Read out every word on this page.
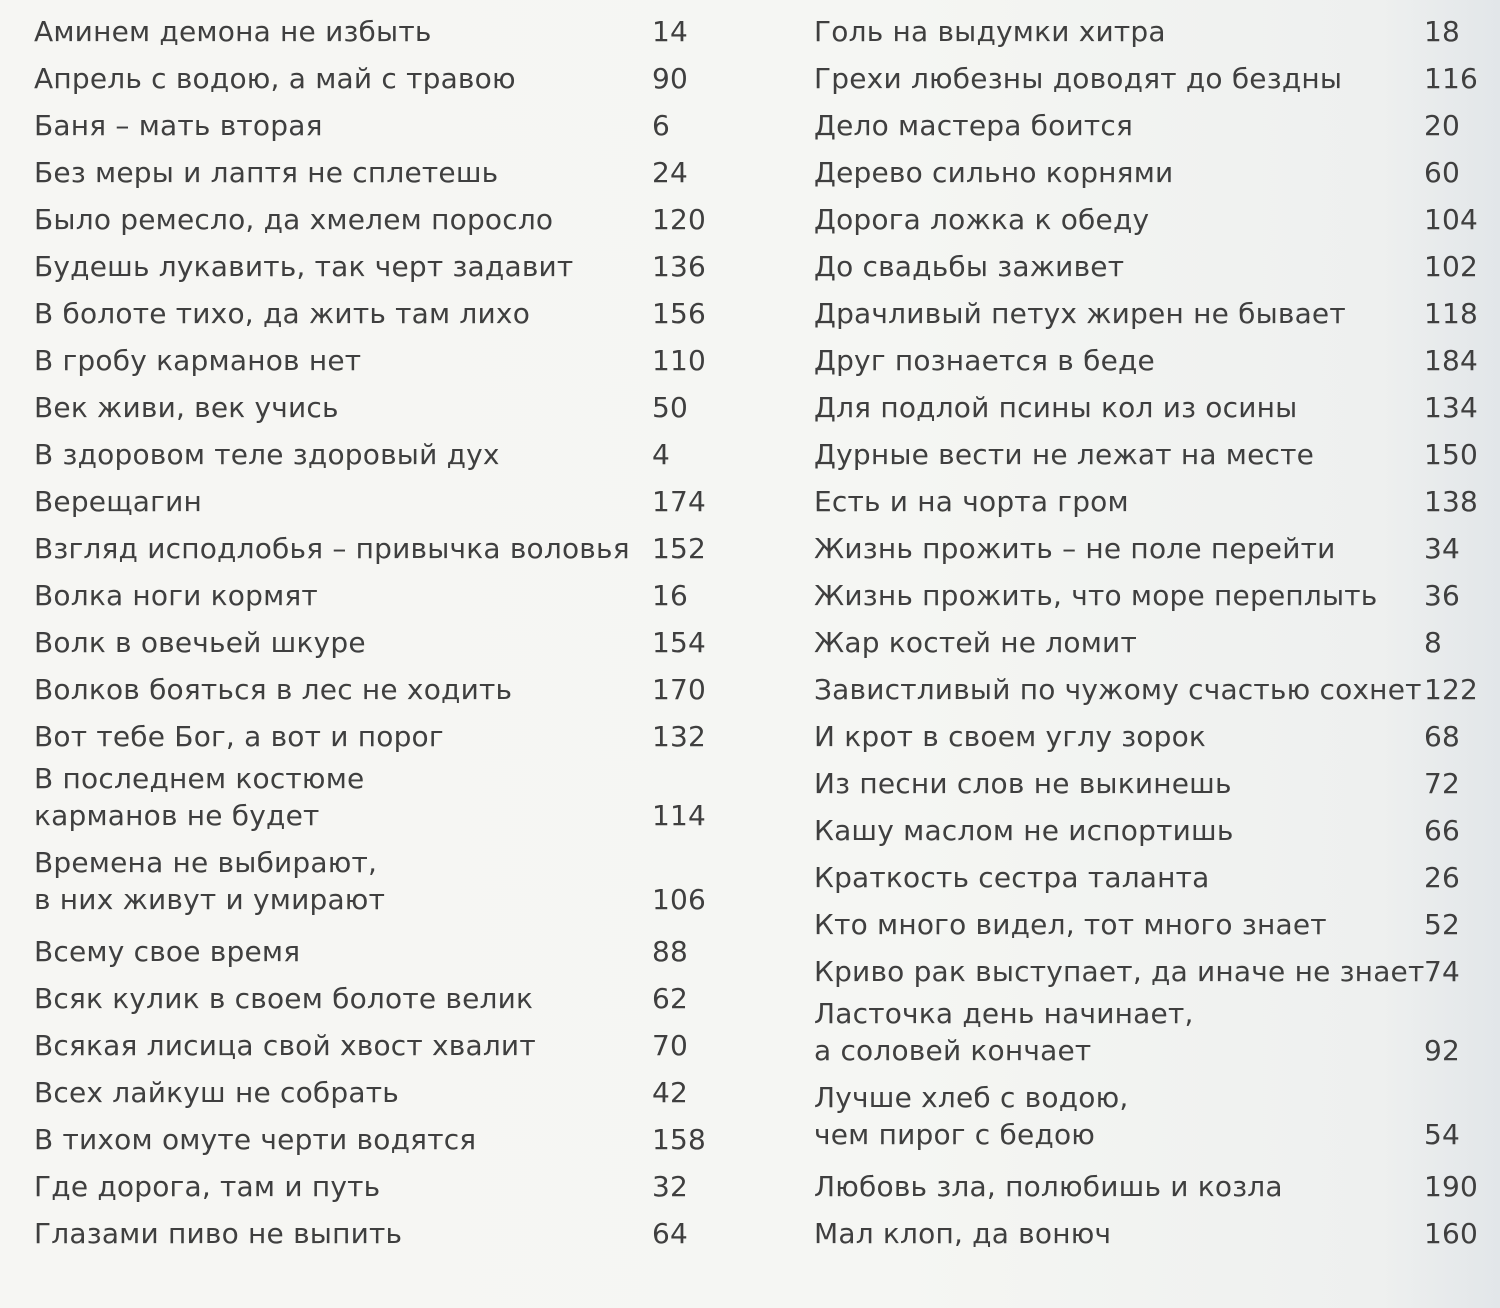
Аминем демона не избыть	14
Апрель с водою, а май с травою	90
Баня – мать вторая	6
Без меры и лаптя не сплетешь	24
Было ремесло, да хмелем поросло	120
Будешь лукавить, так черт задавит	136
В болоте тихо, да жить там лихо	156
В гробу карманов нет	110
Век живи, век учись	50
В здоровом теле здоровый дух	4
Верещагин	174
Взгляд исподлобья – привычка воловья 152
Волка ноги кормят	16
Волк в овечьей шкуре	154
Волков бояться в лес не ходить	170
Вот тебе Бог, а вот и порог	132
В последнем костюме
карманов не будет	114
Времена не выбирают,
в них живут и умирают	106
Всему свое время	88
Всяк кулик в своем болоте велик	62
Всякая лисица свой хвост хвалит	70
Всех лайкуш не собрать	42
В тихом омуте черти водятся	158
Где дорога, там и путь	32
Глазами пиво не выпить	64
Голь на выдумки хитра	18
Грехи любезны доводят до бездны	116
Дело мастера боится	20
Дерево сильно корнями	60
Дорога ложка к обеду	104
До свадьбы заживет	102
Драчливый петух жирен не бывает	118
Друг познается в беде	184
Для подлой псины кол из осины	134
Дурные вести не лежат на месте	150
Есть и на чорта гром	138
Жизнь прожить – не поле перейти	34
Жизнь прожить, что море переплыть	36
Жар костей не ломит	8
Завистливый по чужому счастью сохнет 122
И крот в своем углу зорок	68
Из песни слов не выкинешь	72
Кашу маслом не испортишь	66
Краткость сестра таланта	26
Кто много видел, тот много знает	52
Криво рак выступает, да иначе не знает 74
Ласточка день начинает,
а соловей кончает	92
Лучше хлеб с водою,
чем пирог с бедою	54
Любовь зла, полюбишь и козла	190
Мал клоп, да вонюч	160
